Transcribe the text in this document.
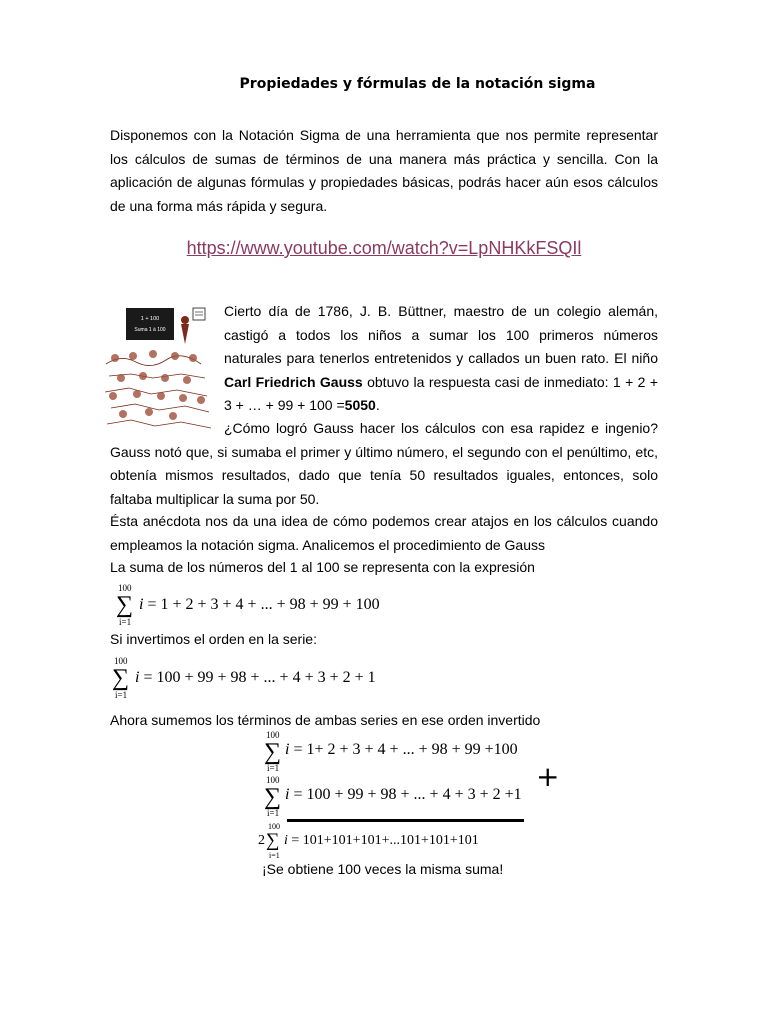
Propiedades y fórmulas de la notación sigma
Disponemos con la Notación Sigma de una herramienta que nos permite representar los cálculos de sumas de términos de una manera más práctica y sencilla. Con la aplicación de algunas fórmulas y propiedades básicas, podrás hacer aún esos cálculos de una forma más rápida y segura.
https://www.youtube.com/watch?v=LpNHKkFSQIl
1 + 100
Suma 1 à 100
Cierto día de 1786, J. B. Büttner, maestro de un colegio alemán, castigó a todos los niños a sumar los 100 primeros números naturales para tenerlos entretenidos y callados un buen rato. El niño Carl Friedrich Gauss obtuvo la respuesta casi de inmediato: 1 + 2 + 3 + … + 99 + 100 =5050.
¿Cómo logró Gauss hacer los cálculos con esa rapidez e ingenio? Gauss notó que, si sumaba el primer y último número, el segundo con el penúltimo, etc, obtenía mismos resultados, dado que tenía 50 resultados iguales, entonces, solo faltaba multiplicar la suma por 50.
Ésta anécdota nos da una idea de cómo podemos crear atajos en los cálculos cuando empleamos la notación sigma. Analicemos el procedimiento de Gauss
La suma de los números del 1 al 100 se representa con la expresión
100
∑
i=1
i = 1 + 2 + 3 + 4 + ... + 98 + 99 + 100
Si invertimos el orden en la serie:
100
∑
i=1
i = 100 + 99 + 98 + ... + 4 + 3 + 2 + 1
Ahora sumemos los términos de ambas series en ese orden invertido
100
∑
i=1
i = 1+ 2 + 3 + 4 + ... + 98 + 99 +100
100
∑
i=1
i = 100 + 99 + 98 + ... + 4 + 3 + 2 +1
+
2
100
∑
i=1
i = 101+101+101+...101+101+101
¡Se obtiene 100 veces la misma suma!
